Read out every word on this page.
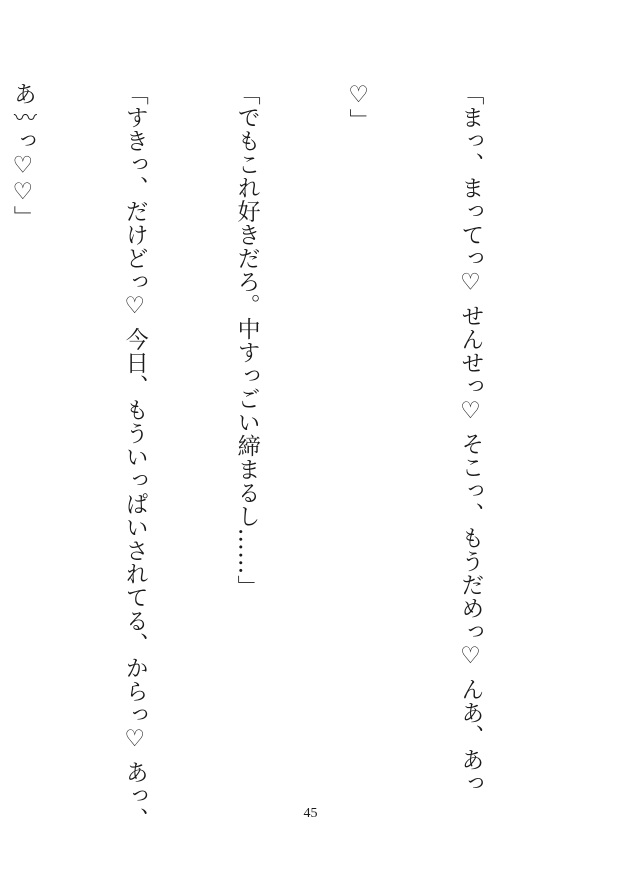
「まっ、まってっ♡ せんせっ♡ そこっ、もうだめっ♡ んあ、あっ

♡」

「でもこれ好きだろ。中すっごい締まるし……」

「すきっ、だけどっ♡ 今日、もういっぱいされてる、からっ♡ あっ、

あ〰っ♡♡」

45
